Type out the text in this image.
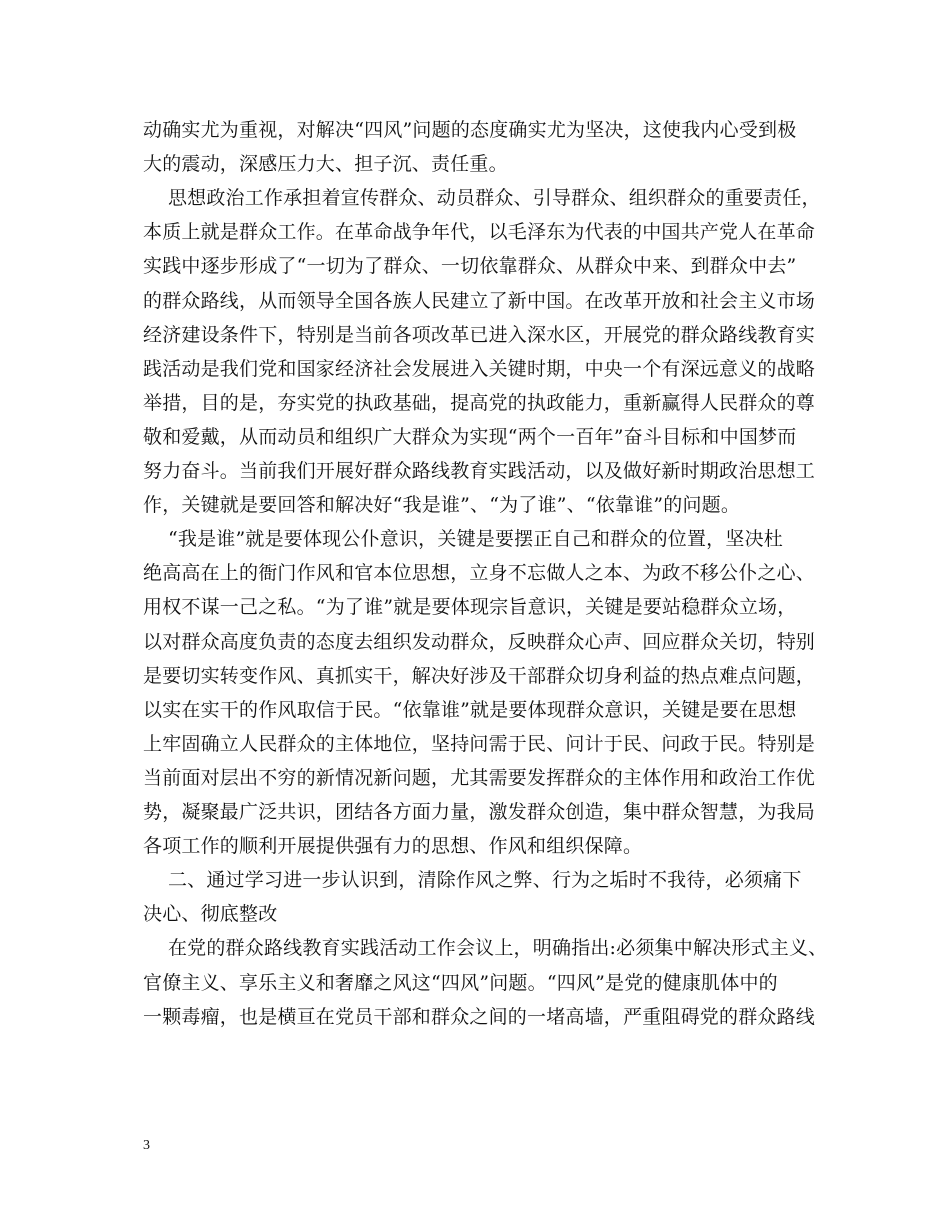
动确实尤为重视，对解决“四风”问题的态度确实尤为坚决，这使我内心受到极
大的震动，深感压力大、担子沉、责任重。
思想政治工作承担着宣传群众、动员群众、引导群众、组织群众的重要责任，
本质上就是群众工作。在革命战争年代，以毛泽东为代表的中国共产党人在革命
实践中逐步形成了“一切为了群众、一切依靠群众、从群众中来、到群众中去”
的群众路线，从而领导全国各族人民建立了新中国。在改革开放和社会主义市场
经济建设条件下，特别是当前各项改革已进入深水区，开展党的群众路线教育实
践活动是我们党和国家经济社会发展进入关键时期，中央一个有深远意义的战略
举措，目的是，夯实党的执政基础，提高党的执政能力，重新赢得人民群众的尊
敬和爱戴，从而动员和组织广大群众为实现“两个一百年”奋斗目标和中国梦而
努力奋斗。当前我们开展好群众路线教育实践活动，以及做好新时期政治思想工
作，关键就是要回答和解决好“我是谁”、“为了谁”、“依靠谁”的问题。
“我是谁”就是要体现公仆意识，关键是要摆正自己和群众的位置，坚决杜
绝高高在上的衙门作风和官本位思想，立身不忘做人之本、为政不移公仆之心、
用权不谋一己之私。“为了谁”就是要体现宗旨意识，关键是要站稳群众立场，
以对群众高度负责的态度去组织发动群众，反映群众心声、回应群众关切，特别
是要切实转变作风、真抓实干，解决好涉及干部群众切身利益的热点难点问题，
以实在实干的作风取信于民。“依靠谁”就是要体现群众意识，关键是要在思想
上牢固确立人民群众的主体地位，坚持问需于民、问计于民、问政于民。特别是
当前面对层出不穷的新情况新问题，尤其需要发挥群众的主体作用和政治工作优
势，凝聚最广泛共识，团结各方面力量，激发群众创造，集中群众智慧，为我局
各项工作的顺利开展提供强有力的思想、作风和组织保障。
二、通过学习进一步认识到，清除作风之弊、行为之垢时不我待，必须痛下
决心、彻底整改
在党的群众路线教育实践活动工作会议上，明确指出:必须集中解决形式主义、
官僚主义、享乐主义和奢靡之风这“四风”问题。“四风”是党的健康肌体中的
一颗毒瘤，也是横亘在党员干部和群众之间的一堵高墙，严重阻碍党的群众路线
3
